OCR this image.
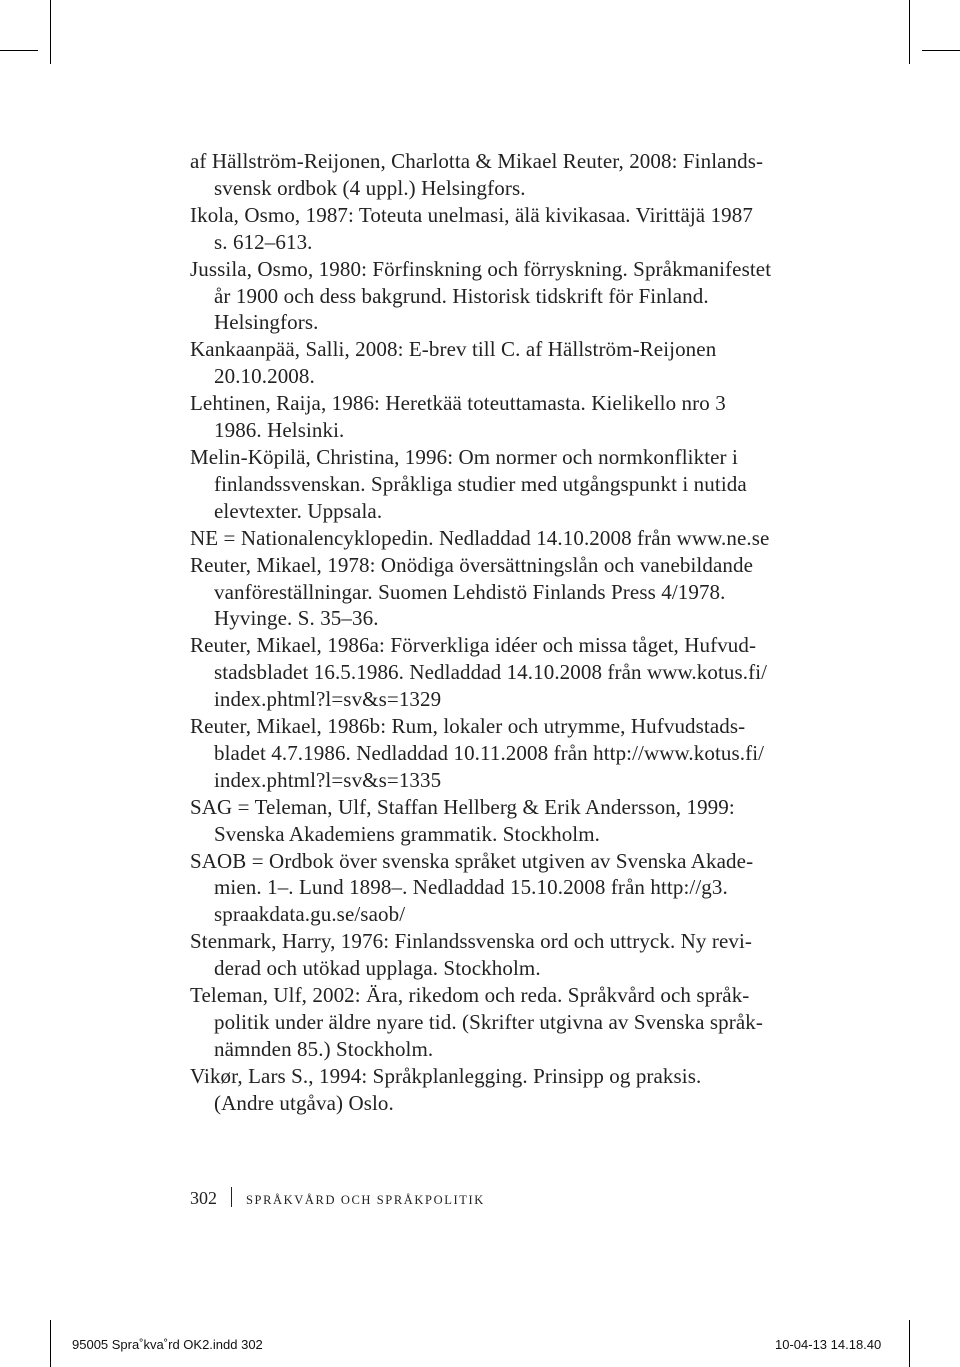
af Hällström-Reijonen, Charlotta & Mikael Reuter, 2008: Finlands-
svensk ordbok (4 uppl.) Helsingfors.
Ikola, Osmo, 1987: Toteuta unelmasi, älä kivikasaa. Virittäjä 1987
s. 612–613.
Jussila, Osmo, 1980: Förfinskning och förryskning. Språkmanifestet
år 1900 och dess bakgrund. Historisk tidskrift för Finland.
Helsingfors.
Kankaanpää, Salli, 2008: E-brev till C. af Hällström-Reijonen
20.10.2008.
Lehtinen, Raija, 1986: Heretkää toteuttamasta. Kielikello nro 3
1986. Helsinki.
Melin-Köpilä, Christina, 1996: Om normer och normkonflikter i
finlandssvenskan. Språkliga studier med utgångspunkt i nutida
elevtexter. Uppsala.
NE = Nationalencyklopedin. Nedladdad 14.10.2008 från www.ne.se
Reuter, Mikael, 1978: Onödiga översättningslån och vanebildande
vanföreställningar. Suomen Lehdistö Finlands Press 4/1978.
Hyvinge. S. 35–36.
Reuter, Mikael, 1986a: Förverkliga idéer och missa tåget, Hufvud-
stadsbladet 16.5.1986. Nedladdad 14.10.2008 från www.kotus.fi/
index.phtml?l=sv&s=1329
Reuter, Mikael, 1986b: Rum, lokaler och utrymme, Hufvudstads-
bladet 4.7.1986. Nedladdad 10.11.2008 från http://www.kotus.fi/
index.phtml?l=sv&s=1335
SAG = Teleman, Ulf, Staffan Hellberg & Erik Andersson, 1999:
Svenska Akademiens grammatik. Stockholm.
SAOB = Ordbok över svenska språket utgiven av Svenska Akade-
mien. 1–. Lund 1898–. Nedladdad 15.10.2008 från http://g3.
spraakdata.gu.se/saob/
Stenmark, Harry, 1976: Finlandssvenska ord och uttryck. Ny revi-
derad och utökad upplaga. Stockholm.
Teleman, Ulf, 2002: Ära, rikedom och reda. Språkvård och språk-
politik under äldre nyare tid. (Skrifter utgivna av Svenska språk-
nämnden 85.) Stockholm.
Vikør, Lars S., 1994: Språkplanlegging. Prinsipp og praksis.
(Andre utgåva) Oslo.
302 SPRÅKVÅRD OCH SPRÅKPOLITIK
95005 Spra˚kva˚rd OK2.indd 302	10-04-13 14.18.40
